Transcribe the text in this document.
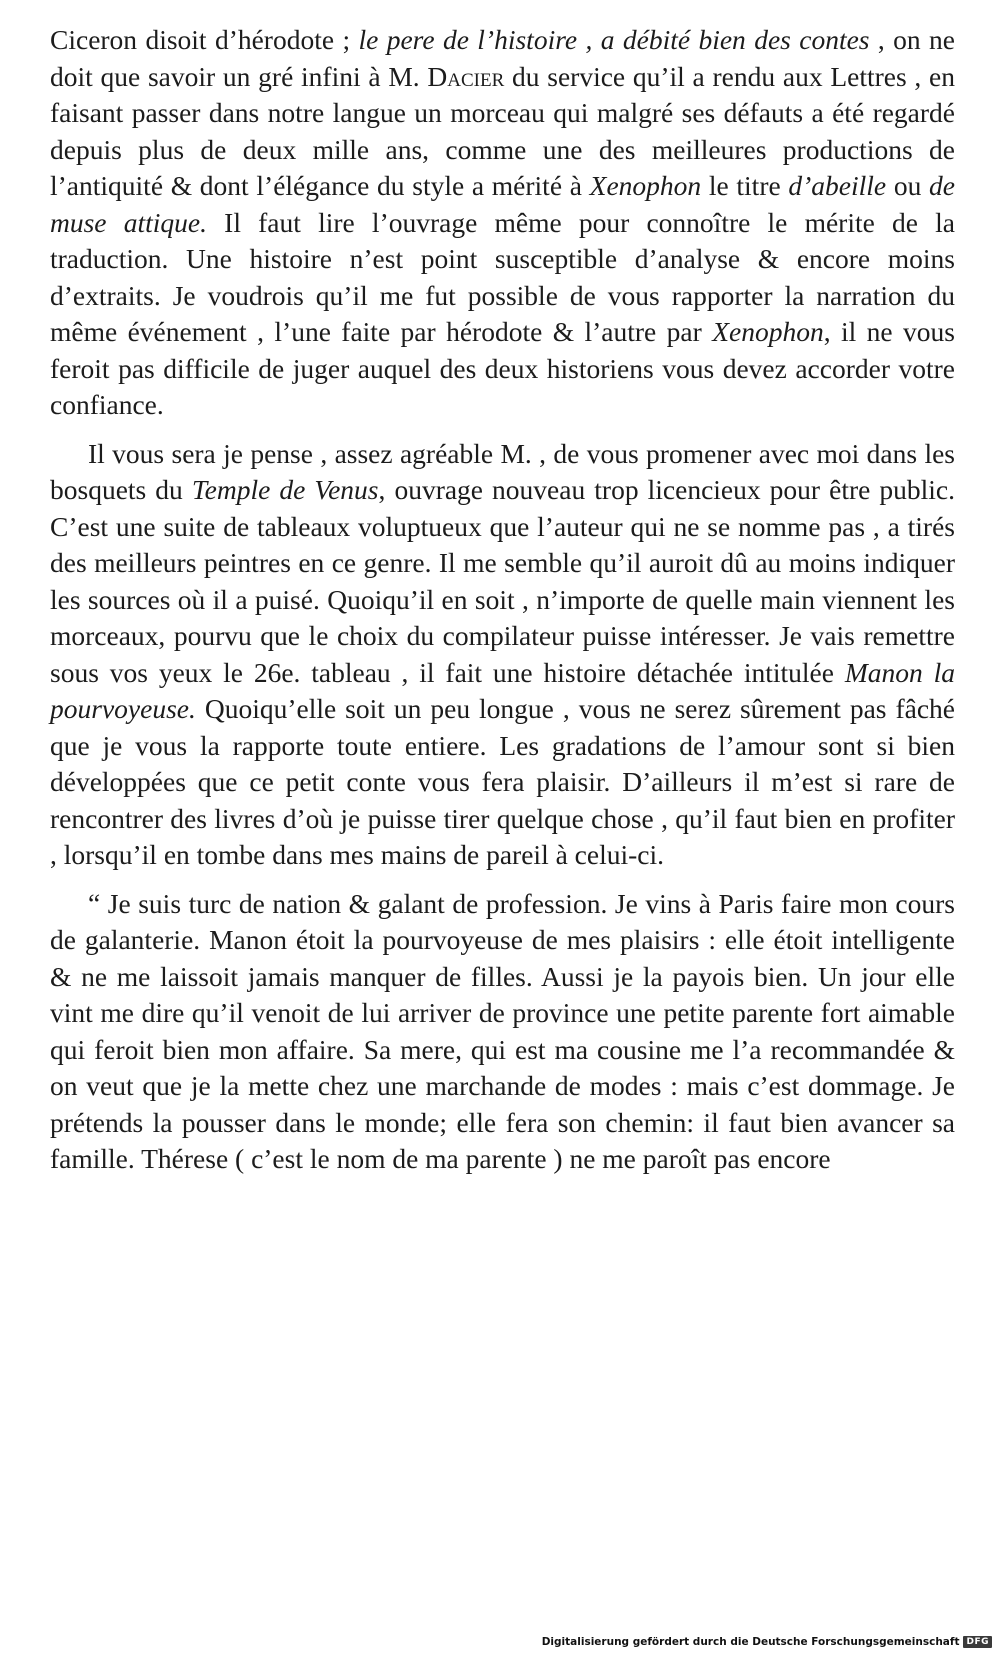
Ciceron disoit d’hérodote ; le pere de l’histoire , a débité bien des contes , on ne doit que savoir un gré infini à M. Dacier du service qu’il a rendu aux Lettres , en faisant passer dans notre langue un morceau qui malgré ses défauts a été regardé depuis plus de deux mille ans, comme une des meilleures productions de l’antiquité & dont l’élégance du style a mérité à Xenophon le titre d’abeille ou de muse attique. Il faut lire l’ouvrage même pour connoître le mérite de la traduction. Une histoire n’est point susceptible d’analyse & encore moins d’extraits. Je voudrois qu’il me fut possible de vous rapporter la narration du même événement , l’une faite par hérodote & l’autre par Xenophon, il ne vous feroit pas difficile de juger auquel des deux historiens vous devez accorder votre confiance.

Il vous sera je pense , assez agréable M. , de vous promener avec moi dans les bosquets du Temple de Venus, ouvrage nouveau trop licencieux pour être public. C’est une suite de tableaux voluptueux que l’auteur qui ne se nomme pas , a tirés des meilleurs peintres en ce genre. Il me semble qu’il auroit dû au moins indiquer les sources où il a puisé. Quoiqu’il en soit , n’importe de quelle main viennent les morceaux, pourvu que le choix du compilateur puisse intéresser. Je vais remettre sous vos yeux le 26e. tableau , il fait une histoire détachée intitulée Manon la pourvoyeuse. Quoiqu’elle soit un peu longue , vous ne serez sûrement pas fâché que je vous la rapporte toute entiere. Les gradations de l’amour sont si bien développées que ce petit conte vous fera plaisir. D’ailleurs il m’est si rare de rencontrer des livres d’où je puisse tirer quelque chose , qu’il faut bien en profiter , lorsqu’il en tombe dans mes mains de pareil à celui-ci.

“ Je suis turc de nation & galant de profession. Je vins à Paris faire mon cours de galanterie. Manon étoit la pourvoyeuse de mes plaisirs : elle étoit intelligente & ne me laissoit jamais manquer de filles. Aussi je la payois bien. Un jour elle vint me dire qu’il venoit de lui arriver de province une petite parente fort aimable qui feroit bien mon affaire. Sa mere, qui est ma cousine me l’a recommandée & on veut que je la mette chez une marchande de modes : mais c’est dommage. Je prétends la pousser dans le monde; elle fera son chemin: il faut bien avancer sa famille. Thérese ( c’est le nom de ma parente ) ne me paroît pas encore

Digitalisierung gefördert durch die Deutsche Forschungsgemeinschaft DFG
